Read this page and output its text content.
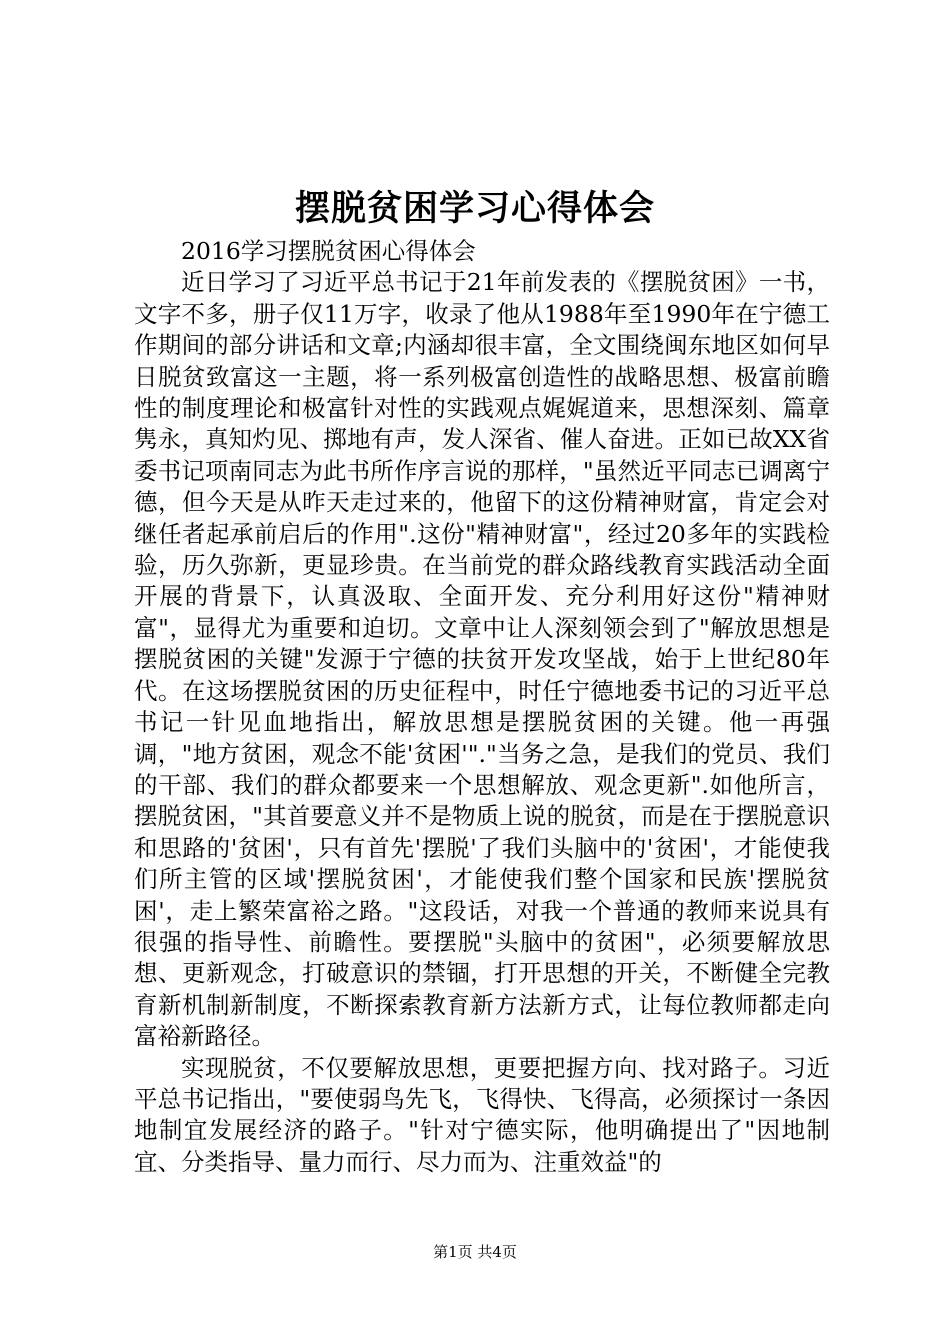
摆脱贫困学习心得体会

2016学习摆脱贫困心得体会

近日学习了习近平总书记于21年前发表的《摆脱贫困》一书，文字不多，册子仅11万字，收录了他从1988年至1990年在宁德工作期间的部分讲话和文章;内涵却很丰富，全文围绕闽东地区如何早日脱贫致富这一主题，将一系列极富创造性的战略思想、极富前瞻性的制度理论和极富针对性的实践观点娓娓道来，思想深刻、篇章隽永，真知灼见、掷地有声，发人深省、催人奋进。正如已故XX省委书记项南同志为此书所作序言说的那样，"虽然近平同志已调离宁德，但今天是从昨天走过来的，他留下的这份精神财富，肯定会对继任者起承前启后的作用".这份"精神财富"，经过20多年的实践检验，历久弥新，更显珍贵。在当前党的群众路线教育实践活动全面开展的背景下，认真汲取、全面开发、充分利用好这份"精神财富"，显得尤为重要和迫切。文章中让人深刻领会到了"解放思想是摆脱贫困的关键"发源于宁德的扶贫开发攻坚战，始于上世纪80年代。在这场摆脱贫困的历史征程中，时任宁德地委书记的习近平总书记一针见血地指出，解放思想是摆脱贫困的关键。他一再强调，"地方贫困，观念不能'贫困'"."当务之急，是我们的党员、我们的干部、我们的群众都要来一个思想解放、观念更新".如他所言，摆脱贫困，"其首要意义并不是物质上说的脱贫，而是在于摆脱意识和思路的'贫困'，只有首先'摆脱'了我们头脑中的'贫困'，才能使我们所主管的区域'摆脱贫困'，才能使我们整个国家和民族'摆脱贫困'，走上繁荣富裕之路。"这段话，对我一个普通的教师来说具有很强的指导性、前瞻性。要摆脱"头脑中的贫困"，必须要解放思想、更新观念，打破意识的禁锢，打开思想的开关，不断健全完教育新机制新制度，不断探索教育新方法新方式，让每位教师都走向富裕新路径。

实现脱贫，不仅要解放思想，更要把握方向、找对路子。习近平总书记指出，"要使弱鸟先飞，飞得快、飞得高，必须探讨一条因地制宜发展经济的路子。"针对宁德实际，他明确提出了"因地制宜、分类指导、量力而行、尽力而为、注重效益"的

第1页 共4页
